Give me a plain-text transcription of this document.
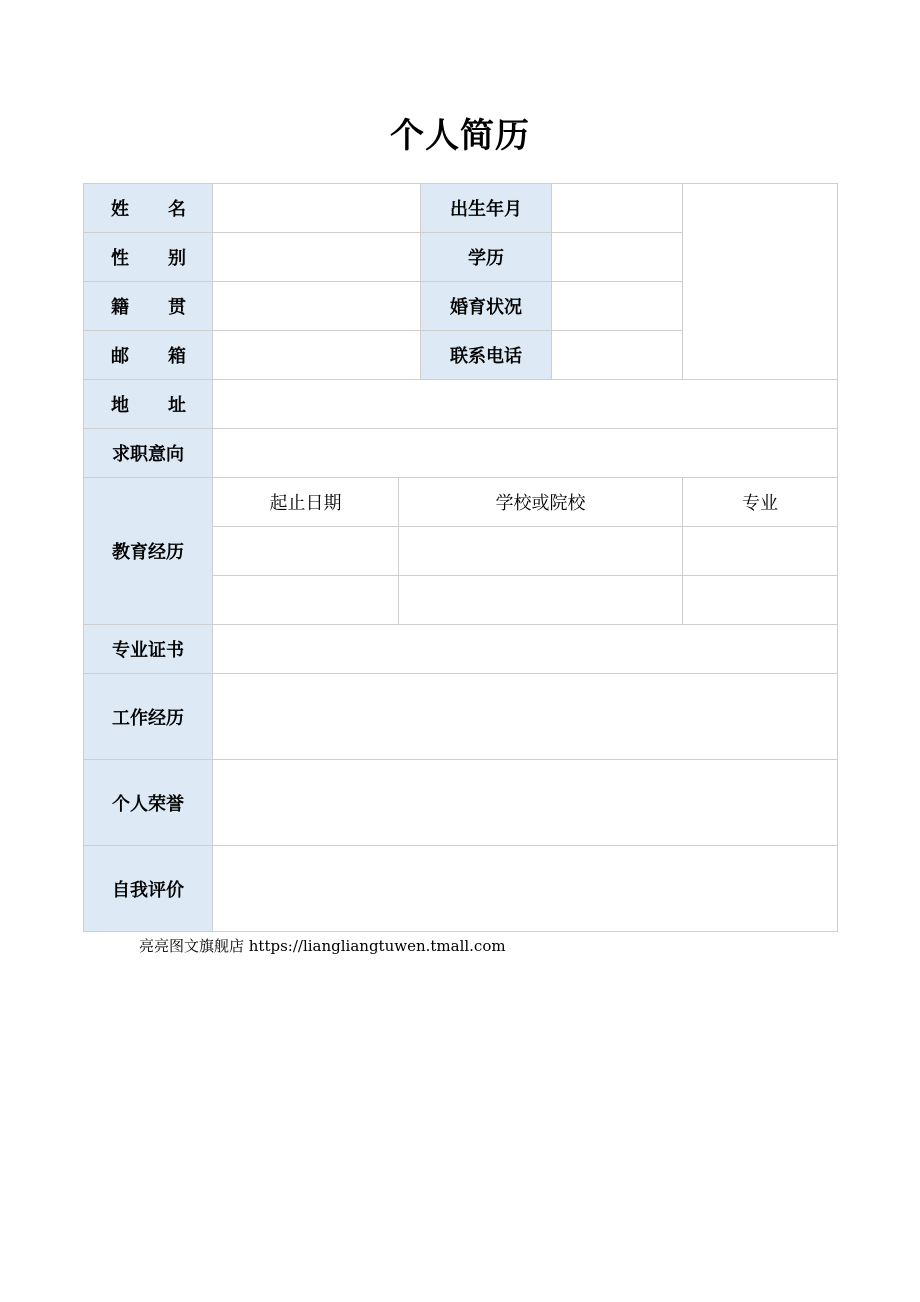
个人简历
姓 名			出生年月		

性 别			学历		

籍 贯			婚育状况		

邮 箱			联系电话		

地 址					

求职意向					
教育经历	起止日期	学校或院校			专业

专业证书					
工作经历					
个人荣誉					
自我评价					
亮亮图文旗舰店 https://liangliangtuwen.tmall.com
